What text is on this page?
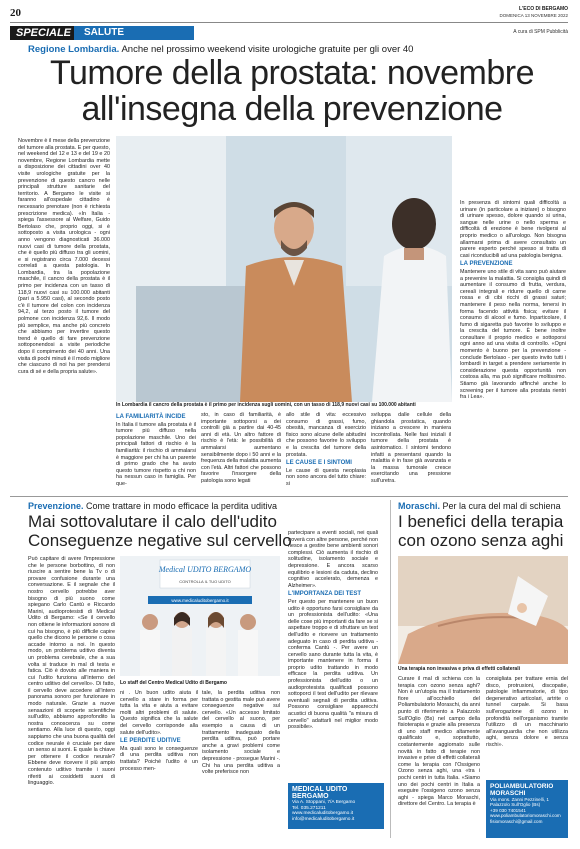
20	L'ECO DI BERGAMO
DOMENICA 13 NOVEMBRE 2022
SPECIALE	SALUTE	A cura di SPM Pubblicità
Regione Lombardia. Anche nel prossimo weekend visite urologiche gratuite per gli over 40
Tumore della prostata: novembre all'insegna della prevenzione

Novembre è il mese della prevenzione del tumore alla prostata. E per questo, nel weekend del 12 e 13 e del 19 e 20 novembre, Regione Lombardia mette a disposizione dei cittadini over 40 visite urologiche gratuite per la prevenzione di questo cancro nelle principali strutture sanitarie del territorio. A Bergamo le visite si faranno all'ospedale cittadino è necessario prenotare (non è richiesta prescrizione medica). «In Italia - spiega l'assessore al Welfare, Guido Bertolaso che, proprio oggi, si è sottoposto a visita urologica - ogni anno vengono diagnosticati 36.000 nuovi casi di tumore della prostata, che è quello più diffuso tra gli uomini, e si registrano circa 7.000 decessi correlati a questa patologia. In Lombardia, tra la popolazione maschile, il cancro della prostata è il primo per incidenza con un tasso di 118,9 nuovi casi su 100.000 abitanti (pari a 5.950 casi), al secondo posto c'è il tumore del colon con incidenza 94,2, al terzo posto il tumore del polmone con incidenza 92,6. Il modo più semplice, ma anche più concreto che abbiamo per invertire questo trend è quello di fare prevenzione sottoponendosi a visite periodiche dopo il compimento dei 40 anni. Una visita di pochi minuti è il modo migliore che ciascuno di noi ha per prendersi cura di sé e della propria salute».

In Lombardia il cancro della prostata è il primo per incidenza sugli uomini, con un tasso di 118,9 nuovi casi su 100.000 abitanti
LA FAMILIARITÀ INCIDE

In Italia il tumore alla prostata è il tumore più diffuso nella popolazione maschile. Uno dei principali fattori di rischio è la familiarità: il rischio di ammalarsi è maggiore per chi ha un parente di primo grado che ha avuto questo tumore rispetto a chi non ha nessun caso in famiglia. Per que-

sto, in caso di familiarità, è importante sottoporsi a dei controlli già a partire dai 40-45 anni di età. Un altro fattore di rischio è l'età: le possibilità di ammalarsi aumentano sensibilmente dopo i 50 anni e la frequenza della malattia aumenta con l'età. Altri fattori che possono favorire l'insorgere della patologia sono legati

allo stile di vita: eccessivo consumo di grassi, fumo, obesità, mancanza di esercizio fisico sono alcune delle abitudini che possono favorire lo sviluppo e la crescita del tumore della prostata.

LE CAUSE E I SINTOMI

Le cause di questa neoplasia non sono ancora del tutto chiare: si

sviluppa dalle cellule della ghiandola prostatica, quando iniziano a crescere in maniera incontrollata. Nelle fasi iniziali il tumore della prostata è asintomatico. I sintomi tendono infatti a presentarsi quando la malattia è in fase già avanzata e la massa tumorale cresce esercitando una pressione sull'uretra.

In presenza di sintomi quali difficoltà a urinare (in particolare a iniziare) o bisogno di urinare spesso, dolore quando si urina, sangue nelle urine o nello sperma e difficoltà di erezione è bene rivolgersi al proprio medico o all'urologo. Non bisogna allarmarsi prima di avere consultato un parere esperto perché spesso si tratta di casi riconducibili ad una patologia benigna.

LA PREVENZIONE

Mantenere uno stile di vita sano può aiutare a prevenire la malattia. Si consiglia quindi di aumentare il consumo di frutta, verdura, cereali integrali e ridurre quello di carne rossa e di cibi ricchi di grassi saturi; mantenere il peso nella norma, tenersi in forma facendo attività fisica; evitare il consumo di alcool e fumo. Inparticolare, il fumo di sigaretta può favorire lo sviluppo e la crescita del tumore. È bene inoltre consultare il proprio medico e sottoporsi ogni anno ad una visita di controllo. «Ogni momento è buono per la prevenzione - conclude Bertolaso - per questo invito tutti i lombardi in target a prendere seriamente in considerazione questa opportunità non costosa alla, ma può significare moltissimo. Stiamo già lavorando affinché anche lo screening per il tumore alla prostata rientri fra i Lea».

Prevenzione. Come trattare in modo efficace la perdita uditiva
Mai sottovalutare il calo dell'udito Conseguenze negative sul cervello

Può capitare di avere l'impressione che le persone borbottino, di non riuscire a sentire bene la Tv o di provare confusione durante una conversazione. E il segnale che il nostro cervello potrebbe aver bisogno di più suono come spiegano Carlo Cantù e Riccardo Marini, audioprotesisti di Medical Udito di Bergamo: «Se il cervello non ottiene le informazioni sonore di cui ha bisogno, è più difficile capire quello che dicono le persone o cosa accade intorno a noi. In questo modo, un problema uditivo diventa un problema cerebrale, che a sua volta si traduce in mal di testa e fatica. Ciò è dovuto alle maniera in cui l'udito funziona all'interno del centro uditivo del cervello». Di fatto, il cervello deve accedere all'intero panorama sonoro per funzionare in modo naturale. Grazie a nuove sensazioni di scoperte scientifiche sull'udito, abbiamo approfondito la nostra conoscenza su come sentiamo. Alla luce di questo, oggi sappiamo che una buona qualità del codice neurale è cruciale per dare un senso ai suoni. E quale la chiave per ottenere il codice neurale? Ebbene deve ricevere il più ampio contenuto uditivo tramite i suoni riferiti ai cosiddetti suoni di linguaggio.

Medical UDITO BERGAMO
CONTROLLA IL TUO UDITO
www.medicaluditobergamo.it
Lo staff del Centro Medical Udito di Bergamo

ni . Un buon udito aiuta il cervello a stare in forma per tutta la vita e aiuta a evitare molti altri problemi di salute. Questo significa che la salute del cervello corrisponde alla salute dell'udito».

LE PERDITE UDITIVE

Ma quali sono le conseguenze di una perdita uditiva non trattata? Poiché l'udito è un processo men-

tale, la perdita uditiva non trattata o gestita male può avere conseguenze negative sul cervello. «Un accesso limitato del cervello al suono, per esempio a causa di un trattamento inadeguato della perdita uditiva, può portare anche a gravi problemi come isolamento sociale e depressione - prosegue Marini -. Chi ha una perdita uditiva a volte preferisce non

partecipare a eventi sociali, nei quali troverà con altre persone, perché non riesce a gestire bene ambienti sonori complessi. Ciò aumenta il rischio di solitudine, isolamento sociale e depressione. E ancora scarso equilibrio e lesioni da caduta, declino cognitivo accelerato, demenza e Alzheimer».

L'IMPORTANZA DEI TEST

Per questo per mantenere un buon udito è opportuno farsi consigliare da un professionista dell'udito: «Una delle cose più importanti da fare se si aspettare troppo e di sfruttare un test dell'udito e ricevere un trattamento adeguato in caso di perdita uditiva - conferma Cantù -. Per avere un cervello sano durante tutta la vita, è importante mantenere in forma il proprio udito trattando in modo efficace la perdita uditiva. Un professionista dell'udito o un audioprotesista qualificati possono sottoporci il test dell'udito per rilevare eventuali segnali di perdita uditiva. Possono consigliare apparecchi acustici di buona qualità "a misura di cervello" adattarli nel miglior modo possibile».

MEDICAL UDITO BERGAMO
Via A. Stoppani, 7/A Bergamo
Tel. 035.271211
www.medicaluditobergamo.it
info@medicaluditobergamo.it
Moraschi. Per la cura del mal di schiena
I benefici della terapia con ozono senza aghi
Una terapia non invasiva e priva di effetti collaterali

Curare il mal di schiena con la terapia con ozono senza aghi? Non è un'utopia ma il trattamento fiore all'occhiello del Poliambulatorio Moraschi, da anni punto di riferimento a Palazzolo Sull'Oglio (Bs) nel campo della fisioterapia e grazie alla presenza di uno staff medico altamente qualificato e, soprattutto, costantemente aggiornato sulle novità in fatto di terapie non invasive e prive di effetti collaterali come la terapia con l'Ossigeno Ozono senza aghi, una «tra i pochi centri in tutta Italia. «Siamo uno dei pochi centri in Italia a eseguire l'ossigeno ozono senza aghi - spiega Marco Moraschi, direttore del Centro. La terapia è

consigliata per trattare ernia del disco, protrusioni, discopatie, patologie infiammatorie, di tipo degenerativo articolari, artrite o tunnel carpale. Si basa sull'erogazione di ozono in profondità nell'organismo tramite l'utilizzo di un macchinario all'avanguardia che non utilizza aghi, senza dolore e senza rischi».

POLIAMBULATORIO MORASCHI
Via mons. Zanni Pezzinelli, 1
Palazzolo Sull'Oglio (Bs)
+39 030 7401541
www.poliambulatoriomoraschi.com
fisiomoraschi@gmail.com
